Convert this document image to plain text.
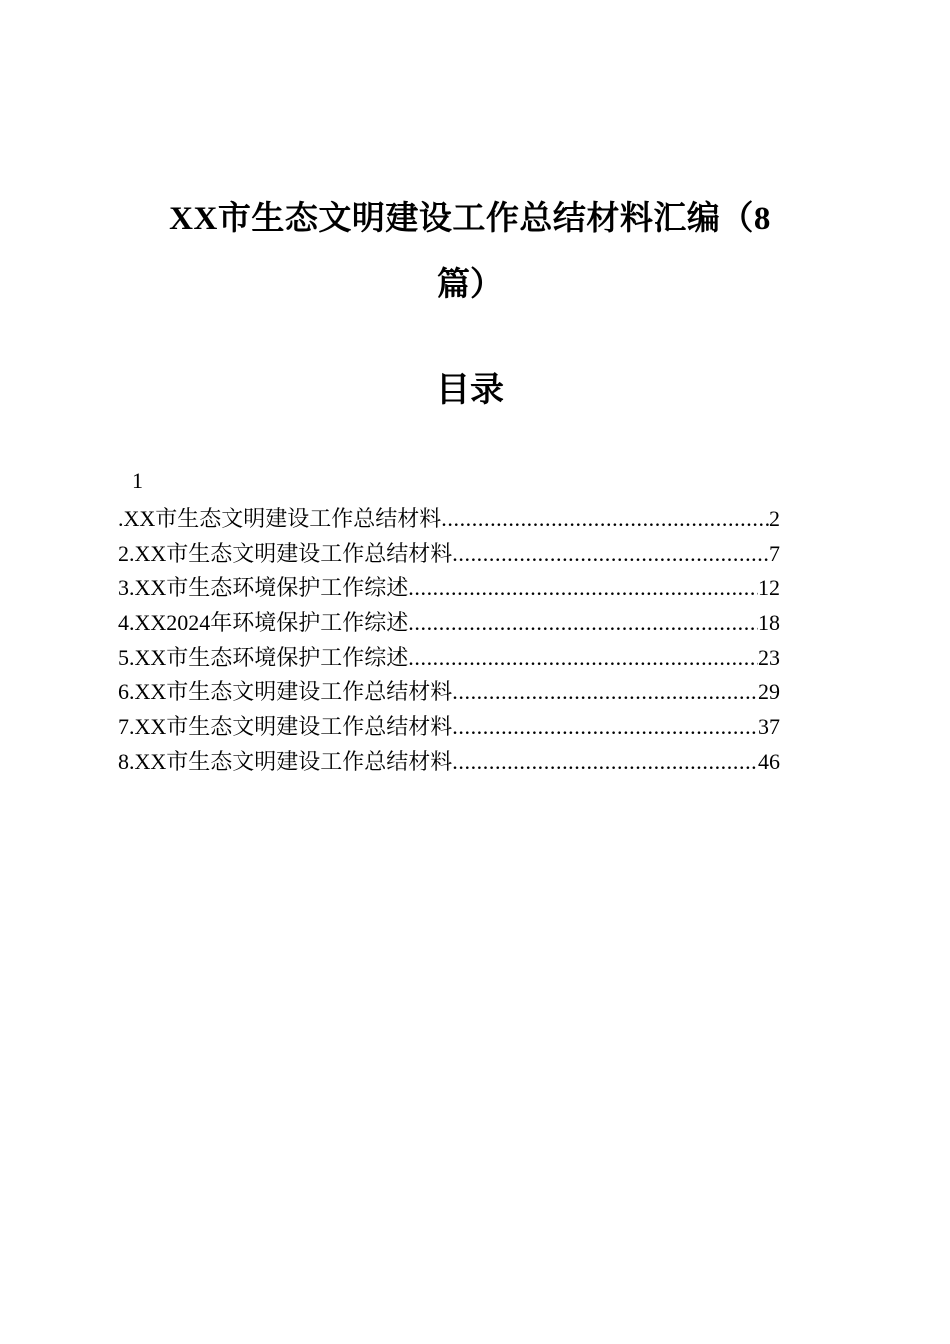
XX市生态文明建设工作总结材料汇编（8
篇）
目录
1
.XX市生态文明建设工作总结材料 .....	2
2.XX市生态文明建设工作总结材料 .....	7
3.XX市生态环境保护工作综述 .....	12
4.XX2024年环境保护工作综述 .....	18
5.XX市生态环境保护工作综述 .....	23
6.XX市生态文明建设工作总结材料 .....	29
7.XX市生态文明建设工作总结材料 .....	37
8.XX市生态文明建设工作总结材料 .....	46
